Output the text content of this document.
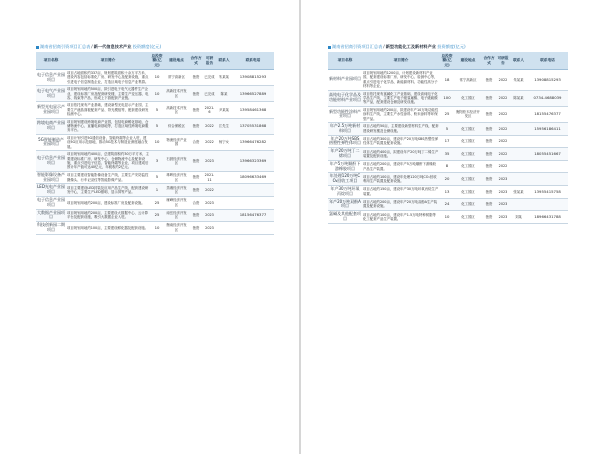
湖南省招商引资项目汇总表/新一代信息技术产业 投资额度(亿元)
项目名称	项目简介	总投资额(亿元)	建设地点	合作方式	可研报告	联系人	联系电话
电子信息产业园项目	项目占地面积约337亩，规划建筑面积十余万平方米，建设内容包括标准化厂房、研发中心及配套设施，重点引进电子信息制造企业，打造区域电子信息产业集群。	10	常宁高新区	独资	已完成	朱某某	13908815293
电子电气产业园项目	项目规划用地约500亩，拟引进电子电气元器件生产企业，建设标准厂房及配套研发楼，主要生产变压器、电容、线束等产品，形成上下游配套产业链。	10	高新技术开发区	独资	已完成	陈某	13966527889
新型光电显示产业园项目	项目依托现有产业基础，建设新型光电显示产业园，主要生产液晶面板配套产品、背光模组等，配套建设研发检测中心。	5	高新技术开发区	独资	2021.6	尹某某	13958461368
跨境电商产业园项目	项目规划建设跨境电商产业园，包括电商孵化基地、仓储物流中心、直播电商基地等，打造区域性跨境电商服务平台。	5	综合保税区	独资	2022	江先生	13705531868
5G智能制造产业园项目	项目计划引进5G通信设备、智能终端等企业入驻，建设5G应用示范基地，推动5G技术与制造业深度融合发展。	10	物流经济产业园	合资	2022	杨宁女	13966476282
电子信息产业园项目	项目规划用地约400亩，总建筑面积约30万平方米，主要建设标准厂房、研发中心、仓储物流中心及配套设施，重点引进电子信息、智能终端等企业，项目建成后预计年产值可达40亿元，年税收约2亿元。	3	石鼓经济开发区	独资	2023		13966323369
智能影像设备产业园项目	项目主要建设智能影像设备生产线，主要生产安防监控摄像头、行车记录仪等智能影像产品。	5	珠晖经济开发区	独资	2021.11		18096633469
LED光电产业园项目	项目主要建设LED封装及应用产品生产线，配套建设研发中心，主要生产LED照明、显示屏等产品。	1	蒸湘经济开发区	独资	2022		
电子信息产业园项目	项目规划用地约200亩，建设标准厂房及配套设施。	25	雁峰经济开发区	合资	2023		
大数据产业园项目	项目规划用地约200亩，主要建设大数据中心、云计算平台及配套设施，吸引大数据企业入驻。	25	南岳经济开发区	独资	2023		18156476377
科技创新园二期项目	项目规划用地约100亩，主要建设孵化器及配套设施。	10	衡南经济开发区	独资	2023		
湖南省招商引资项目汇总表/新型功能化工及新材料产业 投资额度(亿元)
项目名称	项目简介	总投资额(亿元)	建设地点	合作方式	可研报告	联系人	联系电话
新材料产业园项目	项目规划用地约1200亩，计划建设新材料产业园，配套建设标准厂房、研发中心、检测中心等，重点引进电子化学品、新能源材料、功能性高分子材料等企业。	18	常宁高新区	独资	2022	朱某某	13908815293
高纯电子化学品及功能材料产业项目	项目依托现有氯碱化工产业基础，建设高纯电子化学品生产线，主要生产电子级氢氟酸、电子级硫酸等产品，配套建设仓储及研发设施。	100	化工园区	独资	2022	陈某某	0734-4688039
新型功能性涂料产业项目	项目规划用地约200亩，拟建设年产10万吨功能性涂料生产线，主要生产水性涂料、粉末涂料等环保型产品。	25	衡阳松木经济开发区	独资	2022		18155476377
年产2.5万吨新材料项目	项目占地约50亩，主要建设新型材料生产线，配套建设研发楼及仓储设施。	5	化工园区	独资	2022		15956186411
年产20万吨SBS热塑性弹性体项目	项目占地约300亩，建设年产20万吨SBS热塑性弹性体生产装置及配套设施。	17	化工园区	独资	2022		
年产20万吨丁二烯项目	项目占地约400亩，拟建设年产20万吨丁二烯生产装置及配套设施。	35	化工园区	独资	2022		18055451667
年产5万吨顺酐下游橡胶项目	项目占地约200亩，建设年产5万吨顺酐下游橡胶产品生产装置。	8	化工园区	独资	2022		
年处理120万吨CO₂回收工项目	项目占地约100亩，建设年处理120万吨CO₂回收利用生产装置及配套设施。	20	化工园区	独资	2023		
年产30万吨环氧丙烷项目	项目占地约150亩，建设年产30万吨环氧丙烷生产装置。	13	化工园区	独资	2023	张某某	13955415758
年产20万吨双酚A项目	项目占地约200亩，建设年产20万吨双酚A生产装置及配套设施。	24	化工园区	独资	2023		
氯碱及其他配套项目	项目占地约100亩，建设年产1.5万吨特种树脂等化工配套产品生产装置。	10	化工园区	独资	2023	刘某	18966431788
